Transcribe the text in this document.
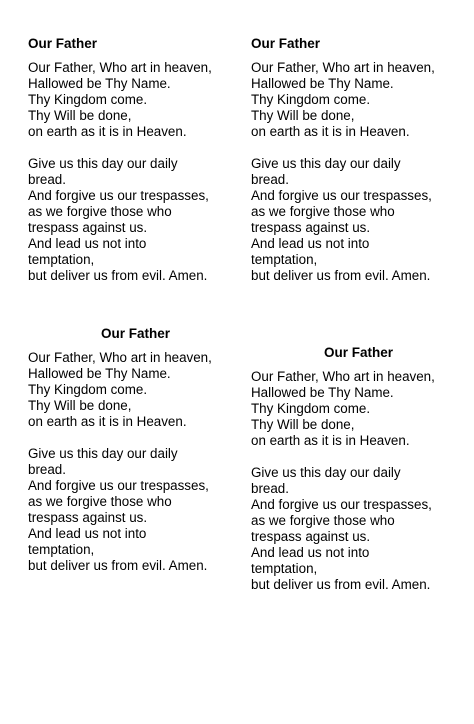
Our Father

Our Father, Who art in heaven,
Hallowed be Thy Name.
Thy Kingdom come.
Thy Will be done,
on earth as it is in Heaven.

Give us this day our daily
bread.
And forgive us our trespasses,
as we forgive those who
trespass against us.
And lead us not into
temptation,
but deliver us from evil. Amen.

Our Father

Our Father, Who art in heaven,
Hallowed be Thy Name.
Thy Kingdom come.
Thy Will be done,
on earth as it is in Heaven.

Give us this day our daily
bread.
And forgive us our trespasses,
as we forgive those who
trespass against us.
And lead us not into
temptation,
but deliver us from evil. Amen.

Our Father

Our Father, Who art in heaven,
Hallowed be Thy Name.
Thy Kingdom come.
Thy Will be done,
on earth as it is in Heaven.

Give us this day our daily
bread.
And forgive us our trespasses,
as we forgive those who
trespass against us.
And lead us not into
temptation,
but deliver us from evil. Amen.

Our Father

Our Father, Who art in heaven,
Hallowed be Thy Name.
Thy Kingdom come.
Thy Will be done,
on earth as it is in Heaven.

Give us this day our daily
bread.
And forgive us our trespasses,
as we forgive those who
trespass against us.
And lead us not into
temptation,
but deliver us from evil. Amen.
